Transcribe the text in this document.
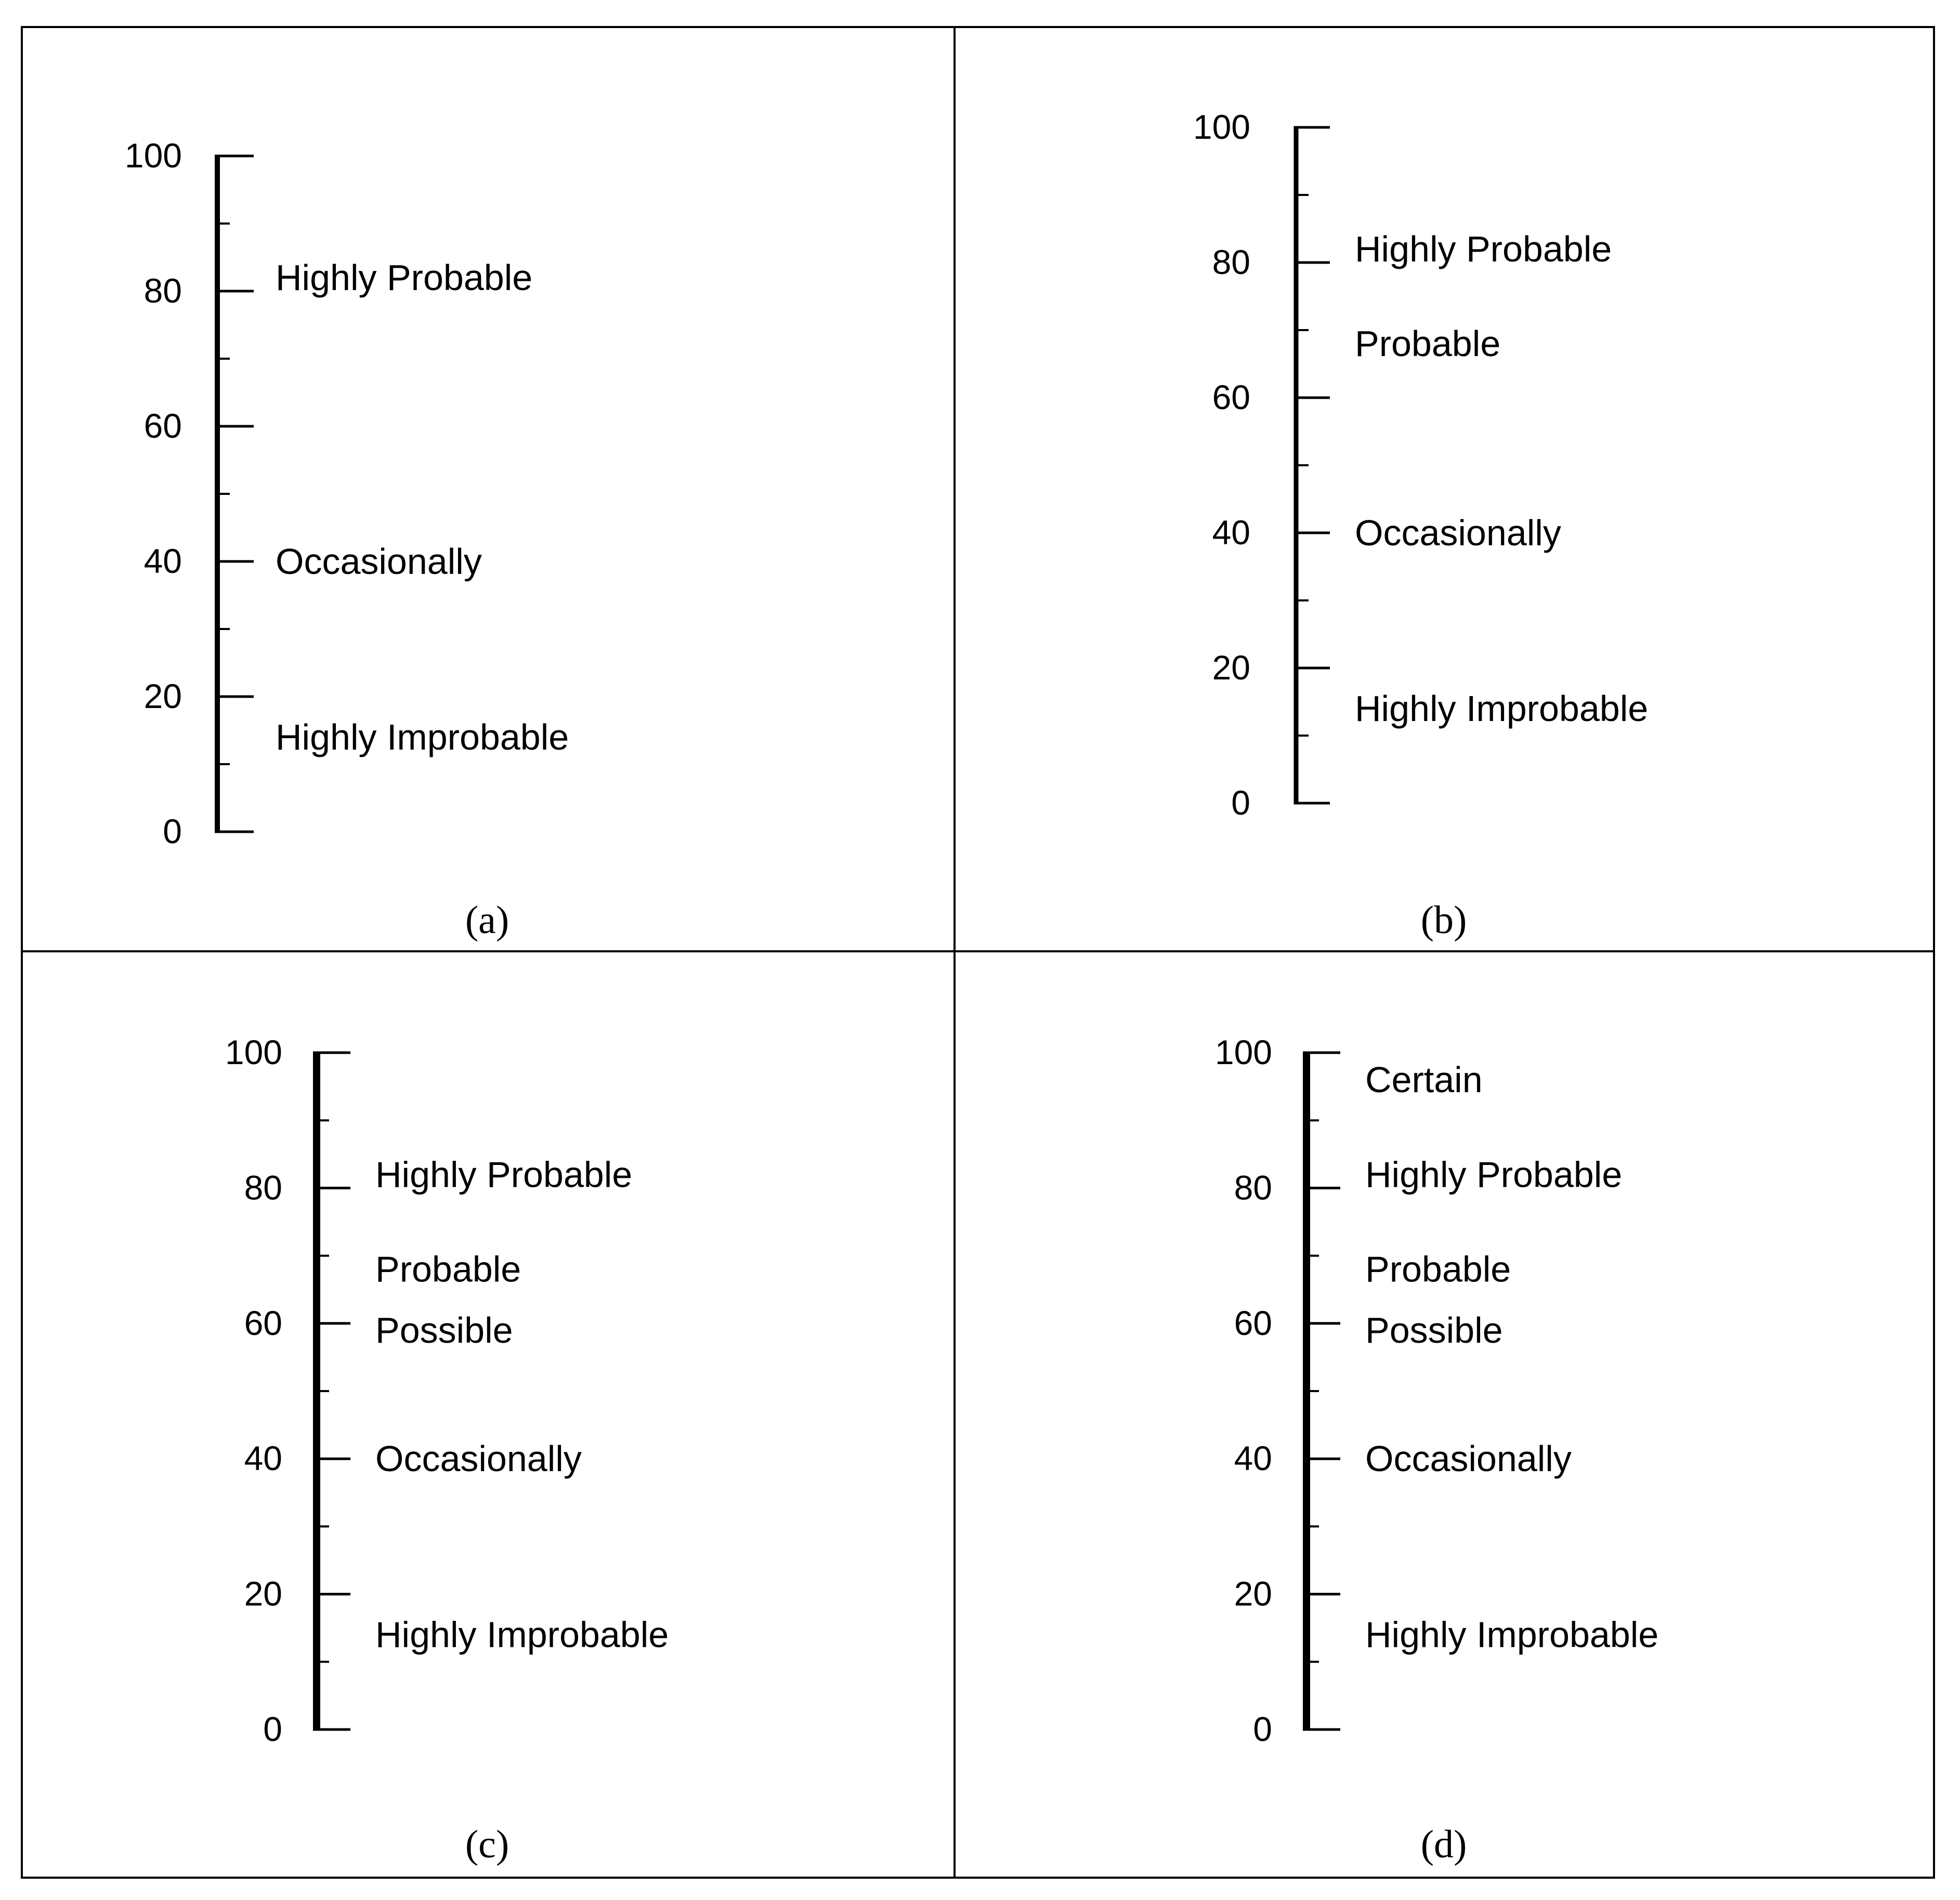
0
20
40
60
80
100
Highly Probable
Occasionally
Highly Improbable
(a)
0
20
40
60
80
100
Highly Probable
Probable
Occasionally
Highly Improbable
(b)
0
20
40
60
80
100
Highly Probable
Probable
Possible
Occasionally
Highly Improbable
(c)
0
20
40
60
80
100
Certain
Highly Probable
Probable
Possible
Occasionally
Highly Improbable
(d)
